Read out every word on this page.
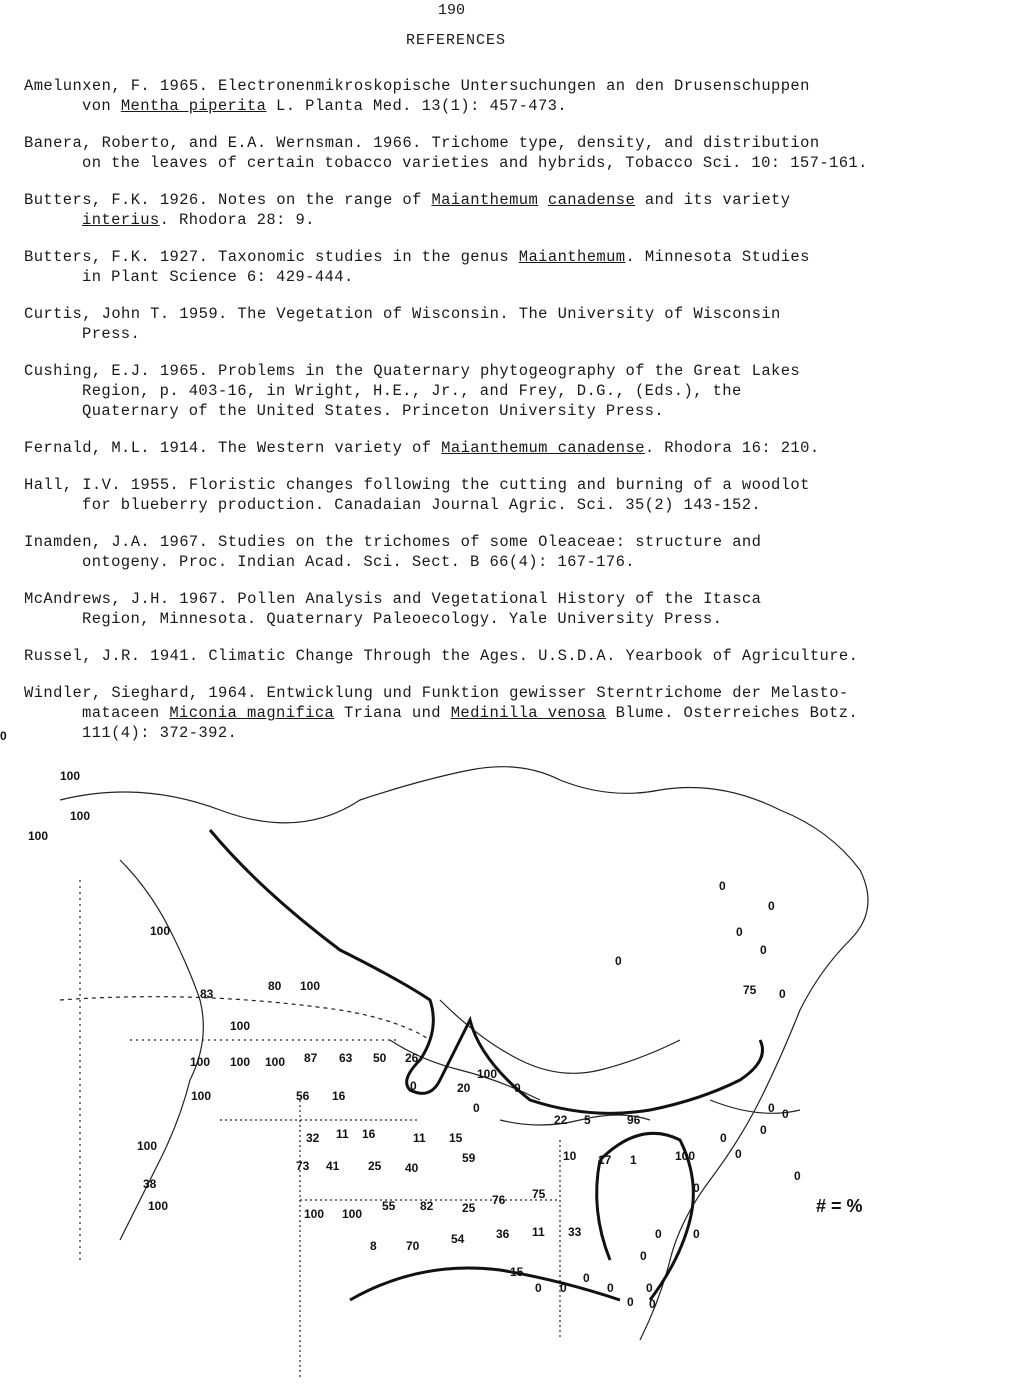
190
REFERENCES
Amelunxen, F. 1965. Electronenmikroskopische Untersuchungen an den Drusenschuppen
von Mentha piperita L. Planta Med. 13(1): 457-473.
Banera, Roberto, and E.A. Wernsman. 1966. Trichome type, density, and distribution
on the leaves of certain tobacco varieties and hybrids, Tobacco Sci. 10: 157-161.
Butters, F.K. 1926. Notes on the range of Maianthemum canadense and its variety
interius. Rhodora 28: 9.
Butters, F.K. 1927. Taxonomic studies in the genus Maianthemum. Minnesota Studies
in Plant Science 6: 429-444.
Curtis, John T. 1959. The Vegetation of Wisconsin. The University of Wisconsin
Press.
Cushing, E.J. 1965. Problems in the Quaternary phytogeography of the Great Lakes
Region, p. 403-16, in Wright, H.E., Jr., and Frey, D.G., (Eds.), the
Quaternary of the United States. Princeton University Press.
Fernald, M.L. 1914. The Western variety of Maianthemum canadense. Rhodora 16: 210.
Hall, I.V. 1955. Floristic changes following the cutting and burning of a woodlot
for blueberry production. Canadaian Journal Agric. Sci. 35(2) 143-152.
Inamden, J.A. 1967. Studies on the trichomes of some Oleaceae: structure and
ontogeny. Proc. Indian Acad. Sci. Sect. B 66(4): 167-176.
McAndrews, J.H. 1967. Pollen Analysis and Vegetational History of the Itasca
Region, Minnesota. Quaternary Paleoecology. Yale University Press.
Russel, J.R. 1941. Climatic Change Through the Ages. U.S.D.A. Yearbook of Agriculture.
Windler, Sieghard, 1964. Entwicklung und Funktion gewisser Sterntrichome der Melasto-
mataceen Miconia magnifica Triana und Medinilla venosa Blume. Osterreiches Botz.
111(4): 372-392.
100
100
100
100
83
80 100
100
100 100 100 87 63 50 26
0	20
100
0
0
0
100	56 16
100
38
32 11 16	11 15
22 5	96
73 41 25 40
59	10 17 1	100
100
100 100
55 82 25
76 75	0
8 70	54	36 11 33
15
0 0
0
0
0
0
0
0	0
0
0
0
0 0
0
0
0
0
0
75 0
0
0
# = %
